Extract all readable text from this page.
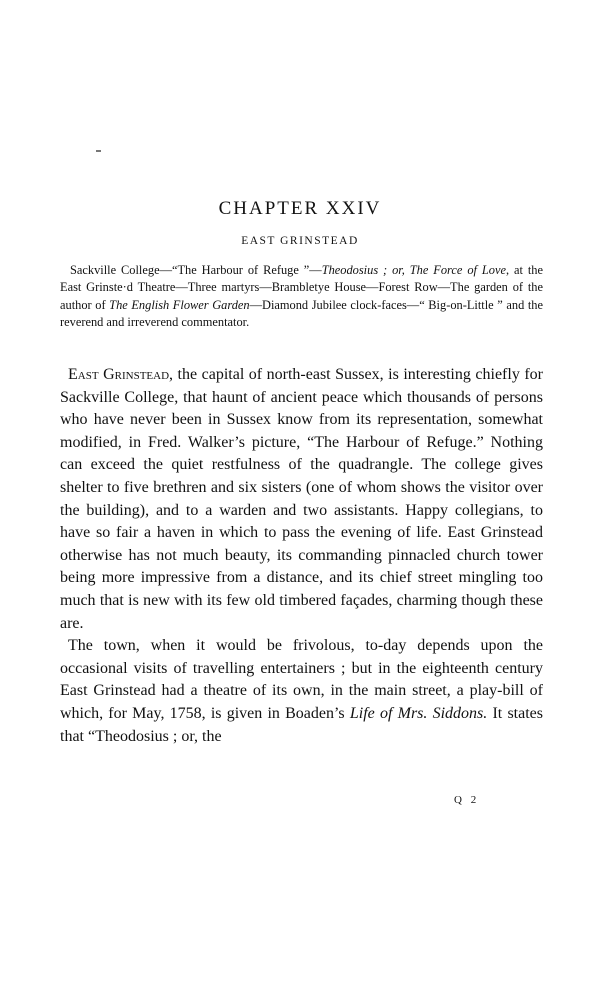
CHAPTER XXIV
EAST GRINSTEAD

Sackville College—“The Harbour of Refuge ”—Theodosius ; or, The Force of Love, at the East Grinste·d Theatre—Three martyrs—Brambletye House—Forest Row—The garden of the author of The English Flower Garden—Diamond Jubilee clock-faces—“ Big-on-Little ” and the reverend and irreverend commentator.

East Grinstead, the capital of north-east Sussex, is interesting chiefly for Sackville College, that haunt of ancient peace which thousands of persons who have never been in Sussex know from its representation, somewhat modified, in Fred. Walker’s picture, “The Harbour of Refuge.” Nothing can exceed the quiet restfulness of the quadrangle. The college gives shelter to five brethren and six sisters (one of whom shows the visitor over the building), and to a warden and two assistants. Happy collegians, to have so fair a haven in which to pass the evening of life. East Grinstead otherwise has not much beauty, its commanding pinnacled church tower being more impressive from a distance, and its chief street mingling too much that is new with its few old timbered façades, charming though these are.

The town, when it would be frivolous, to-day depends upon the occasional visits of travelling entertainers ; but in the eighteenth century East Grinstead had a theatre of its own, in the main street, a play-bill of which, for May, 1758, is given in Boaden’s Life of Mrs. Siddons. It states that “Theodosius ; or, the

Q 2
